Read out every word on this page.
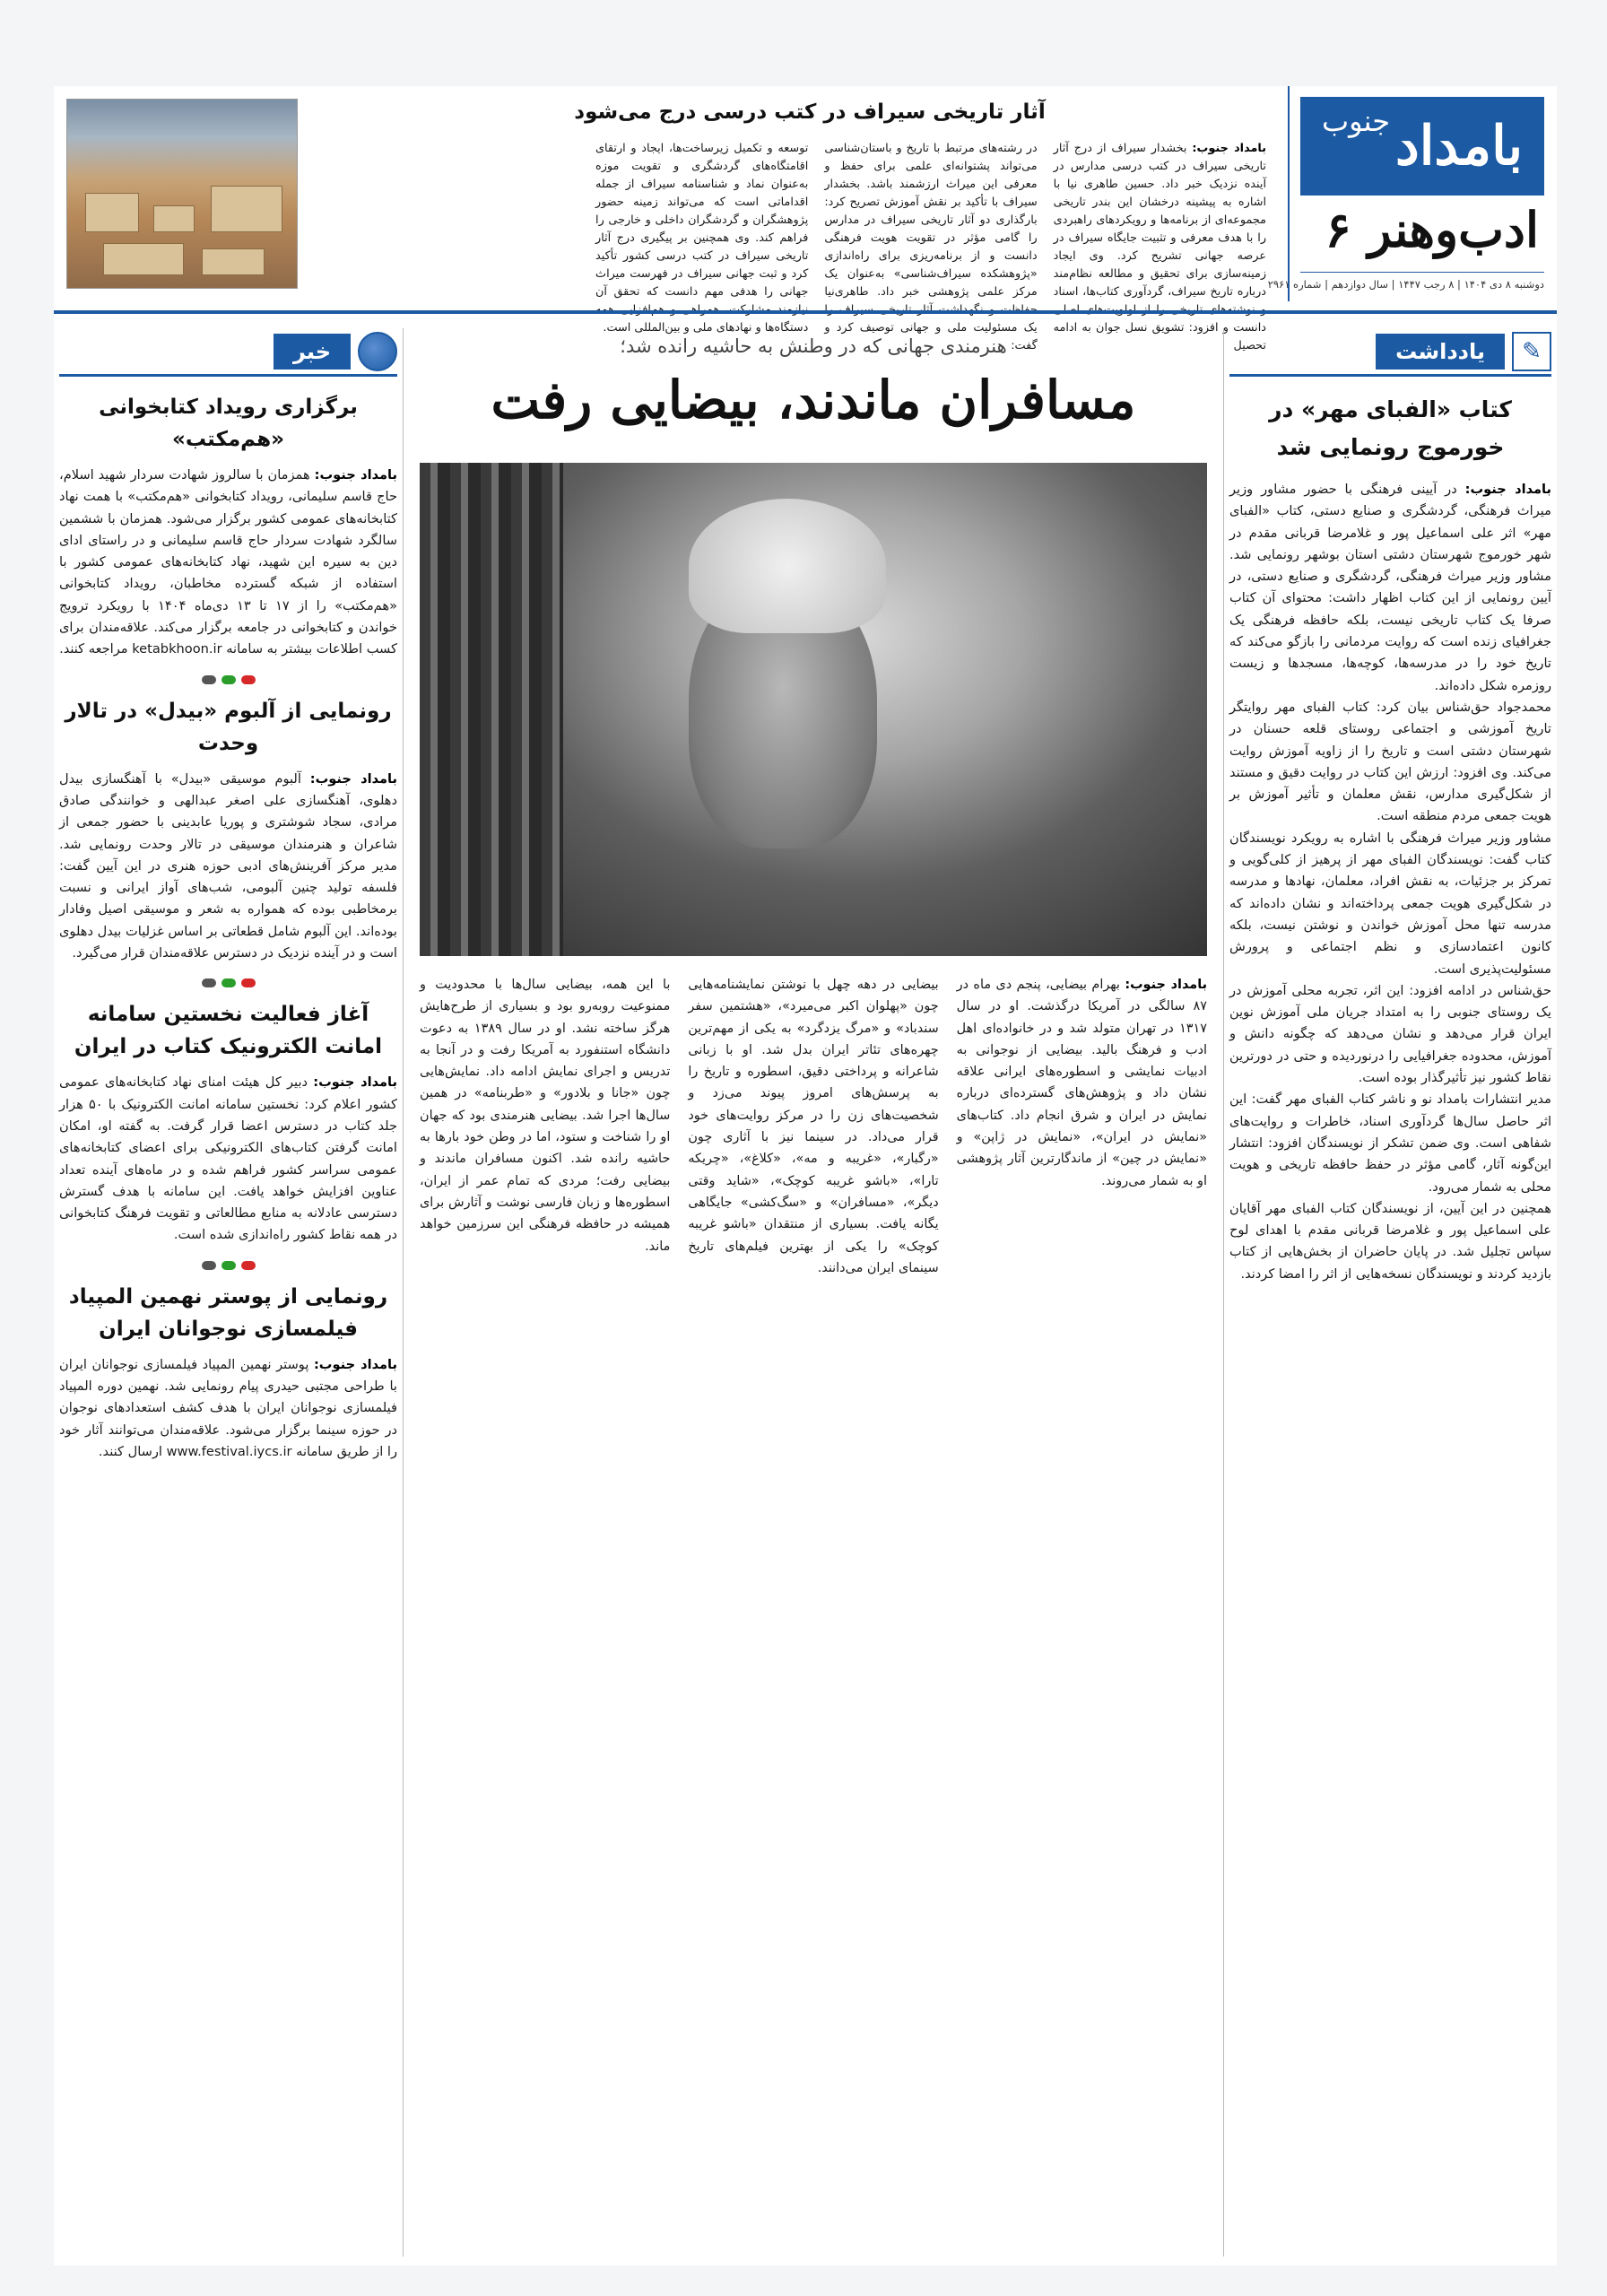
بامداد
جنوب
ادب‌وهنر ۶
دوشنبه ۸ دی ۱۴۰۴ | ۸ رجب ۱۴۴۷ | سال دوازدهم | شماره ۲۹۶۱
آثار تاریخی سیراف در کتب درسی درج می‌شود

بامداد جنوب: بخشدار سیراف از درج آثار تاریخی سیراف در کتب درسی مدارس در آینده نزدیک خبر داد. حسین طاهری نیا با اشاره به پیشینه درخشان این بندر تاریخی مجموعه‌ای از برنامه‌ها و رویکردهای راهبردی را با هدف معرفی و تثبیت جایگاه سیراف در عرصه جهانی تشریح کرد. وی ایجاد زمینه‌سازی برای تحقیق و مطالعه نظام‌مند درباره تاریخ سیراف، گردآوری کتاب‌ها، اسناد دانست و افزود: تشویق نسل جوان به ادامه تحصیل

در رشته‌های مرتبط با تاریخ و باستان‌شناسی می‌تواند پشتوانه‌ای علمی برای حفظ و معرفی این میراث ارزشمند باشد. بخشدار سیراف با تأکید بر نقش آموزش تصریح کرد: بارگذاری دو آثار تاریخی سیراف در مدارس را گامی مؤثر در تقویت هویت فرهنگی دانست و از برنامه‌ریزی برای راه‌اندازی «پژوهشکده سیراف‌شناسی» به‌عنوان یک مرکز علمی پژوهشی خبر داد. طاهری‌نیا یک مسئولیت ملی و جهانی توصیف کرد و گفت:

توسعه و تکمیل زیرساخت‌ها، ایجاد و ارتقای اقامتگاه‌های گردشگری و تقویت موزه به‌عنوان نماد و شناسنامه سیراف از جمله اقداماتی است که می‌تواند زمینه حضور پژوهشگران و گردشگران داخلی و خارجی را فراهم کند. وی همچنین بر پیگیری درج آثار تاریخی سیراف در کتب درسی کشور تأکید کرد و ثبت جهانی سیراف در فهرست میراث جهانی را هدفی مهم دانست که تحقق آن دستگاه‌ها و نهادهای ملی و بین‌المللی است.

✎
یادداشت
کتاب «الفبای مهر» در خورموج رونمایی شد

بامداد جنوب: در آیینی فرهنگی با حضور مشاور وزیر میراث فرهنگی، گردشگری و صنایع دستی، کتاب «الفبای مهر» اثر علی اسماعیل پور و غلامرضا قربانی مقدم در شهر خورموج شهرستان دشتی استان بوشهر رونمایی شد. مشاور وزیر میراث فرهنگی، گردشگری و صنایع دستی، در آیین رونمایی از این کتاب اظهار داشت: محتوای آن کتاب صرفا یک کتاب تاریخی نیست، بلکه حافظه فرهنگی یک جغرافیای زنده است که روایت مردمانی را بازگو می‌کند که تاریخ خود را در مدرسه‌ها، کوچه‌ها، مسجدها و زیست روزمره شکل داده‌اند.

محمدجواد حق‌شناس بیان کرد: کتاب الفبای مهر روایتگر تاریخ آموزشی و اجتماعی روستای قلعه حسنان در شهرستان دشتی است و تاریخ را از زاویه آموزش روایت می‌کند. وی افزود: ارزش این کتاب در روایت دقیق و مستند از شکل‌گیری مدارس، نقش معلمان و تأثیر آموزش بر هویت جمعی مردم منطقه است.

مشاور وزیر میراث فرهنگی با اشاره به رویکرد نویسندگان کتاب گفت: نویسندگان الفبای مهر از پرهیز از کلی‌گویی و تمرکز بر جزئیات، به نقش افراد، معلمان، نهادها و مدرسه در شکل‌گیری هویت جمعی پرداخته‌اند و نشان داده‌اند که مدرسه تنها محل آموزش خواندن و نوشتن نیست، بلکه کانون اعتمادسازی و نظم اجتماعی و پرورش مسئولیت‌پذیری است.

حق‌شناس در ادامه افزود: این اثر، تجربه محلی آموزش در یک روستای جنوبی را به امتداد جریان ملی آموزش نوین ایران قرار می‌دهد و نشان می‌دهد که چگونه دانش و آموزش، محدوده جغرافیایی را درنوردیده و حتی در دورترین نقاط کشور نیز تأثیرگذار بوده است.

مدیر انتشارات بامداد نو و ناشر کتاب الفبای مهر گفت: این اثر حاصل سال‌ها گردآوری اسناد، خاطرات و روایت‌های شفاهی است. وی ضمن تشکر از نویسندگان افزود: انتشار این‌گونه آثار، گامی مؤثر در حفظ حافظه تاریخی و هویت محلی به شمار می‌رود.

همچنین در این آیین، از نویسندگان کتاب الفبای مهر آقایان علی اسماعیل پور و غلامرضا قربانی مقدم با اهدای لوح سپاس تجلیل شد. در پایان حاضران از بخش‌هایی از کتاب بازدید کردند و نویسندگان نسخه‌هایی از اثر را امضا کردند.

هنرمندی جهانی که در وطنش به حاشیه رانده شد؛
مسافران ماندند، بیضایی رفت

بامداد جنوب: بهرام بیضایی، پنجم دی ماه در ۸۷ سالگی در آمریکا درگذشت. او در سال ۱۳۱۷ در تهران متولد شد و در خانواده‌ای اهل ادب و فرهنگ بالید. بیضایی از نوجوانی به ادبیات نمایشی و اسطوره‌های ایرانی علاقه نشان داد و پژوهش‌های گسترده‌ای درباره نمایش در ایران و شرق انجام داد. کتاب‌های «نمایش در ایران»، «نمایش در ژاپن» و «نمایش در چین» از ماندگارترین آثار پژوهشی او به شمار می‌روند.

بیضایی در دهه چهل با نوشتن نمایشنامه‌هایی چون «پهلوان اکبر می‌میرد»، «هشتمین سفر سندباد» و «مرگ یزدگرد» به یکی از مهم‌ترین چهره‌های تئاتر ایران بدل شد. او با زبانی شاعرانه و پرداختی دقیق، اسطوره و تاریخ را به پرسش‌های امروز پیوند می‌زد و شخصیت‌های زن را در مرکز روایت‌های خود قرار می‌داد. در سینما نیز با آثاری چون «رگبار»، «غریبه و مه»، «کلاغ»، «چریکه تارا»، «باشو غریبه کوچک»، «شاید وقتی دیگر»، «مسافران» و «سگ‌کشی» جایگاهی یگانه یافت. بسیاری از منتقدان «باشو غریبه کوچک» را یکی از بهترین فیلم‌های تاریخ سینمای ایران می‌دانند.

با این همه، بیضایی سال‌ها با محدودیت و ممنوعیت روبه‌رو بود و بسیاری از طرح‌هایش هرگز ساخته نشد. او در سال ۱۳۸۹ به دعوت دانشگاه استنفورد به آمریکا رفت و در آنجا به تدریس و اجرای نمایش ادامه داد. نمایش‌هایی چون «جانا و بلادور» و «طربنامه» در همین سال‌ها اجرا شد. بیضایی هنرمندی بود که جهان او را شناخت و ستود، اما در وطن خود بارها به حاشیه رانده شد. اکنون مسافران ماندند و بیضایی رفت؛ مردی که تمام عمر از ایران، اسطوره‌ها و زبان فارسی نوشت و آثارش برای همیشه در حافظه فرهنگی این سرزمین خواهد ماند.

خبر
برگزاری رویداد کتابخوانی «هم‌مکتب»

بامداد جنوب: همزمان با سالروز شهادت سردار شهید اسلام، حاج قاسم سلیمانی، رویداد کتابخوانی «هم‌مکتب» با همت نهاد کتابخانه‌های عمومی کشور برگزار می‌شود. همزمان با ششمین سالگرد شهادت سردار حاج قاسم سلیمانی و در راستای ادای دین به سیره این شهید، نهاد کتابخانه‌های عمومی کشور با استفاده از شبکه گسترده مخاطبان، رویداد کتابخوانی «هم‌مکتب» را از ۱۷ تا ۱۳ دی‌ماه ۱۴۰۴ با رویکرد ترویج خواندن و کتابخوانی در جامعه برگزار می‌کند. علاقه‌مندان برای کسب اطلاعات بیشتر به سامانه ketabkhoon.ir مراجعه کنند.

رونمایی از آلبوم «بیدل» در تالار وحدت

بامداد جنوب: آلبوم موسیقی «بیدل» با آهنگسازی بیدل دهلوی، آهنگسازی علی اصغر عبدالهی و خوانندگی صادق مرادی، سجاد شوشتری و پوریا عابدینی با حضور جمعی از شاعران و هنرمندان موسیقی در تالار وحدت رونمایی شد. مدیر مرکز آفرینش‌های ادبی حوزه هنری در این آیین گفت: فلسفه تولید چنین آلبومی، شب‌های آواز ایرانی و نسبت برمخاطبی بوده که همواره به شعر و موسیقی اصیل وفادار بوده‌اند. این آلبوم شامل قطعاتی بر اساس غزلیات بیدل دهلوی است و در آینده نزدیک در دسترس علاقه‌مندان قرار می‌گیرد.

آغاز فعالیت نخستین سامانه امانت الکترونیک کتاب در ایران

بامداد جنوب: دبیر کل هیئت امنای نهاد کتابخانه‌های عمومی کشور اعلام کرد: نخستین سامانه امانت الکترونیک با ۵۰ هزار جلد کتاب در دسترس اعضا قرار گرفت. به گفته او، امکان امانت گرفتن کتاب‌های الکترونیکی برای اعضای کتابخانه‌های عمومی سراسر کشور فراهم شده و در ماه‌های آینده تعداد عناوین افزایش خواهد یافت. این سامانه با هدف گسترش دسترسی عادلانه به منابع مطالعاتی و تقویت فرهنگ کتابخوانی در همه نقاط کشور راه‌اندازی شده است.

رونمایی از پوستر نهمین المپیاد فیلمسازی نوجوانان ایران

بامداد جنوب: پوستر نهمین المپیاد فیلمسازی نوجوانان ایران با طراحی مجتبی حیدری پیام رونمایی شد. نهمین دوره المپیاد فیلمسازی نوجوانان ایران با هدف کشف استعدادهای نوجوان در حوزه سینما برگزار می‌شود. علاقه‌مندان می‌توانند آثار خود را از طریق سامانه www.festival.iycs.ir ارسال کنند.
